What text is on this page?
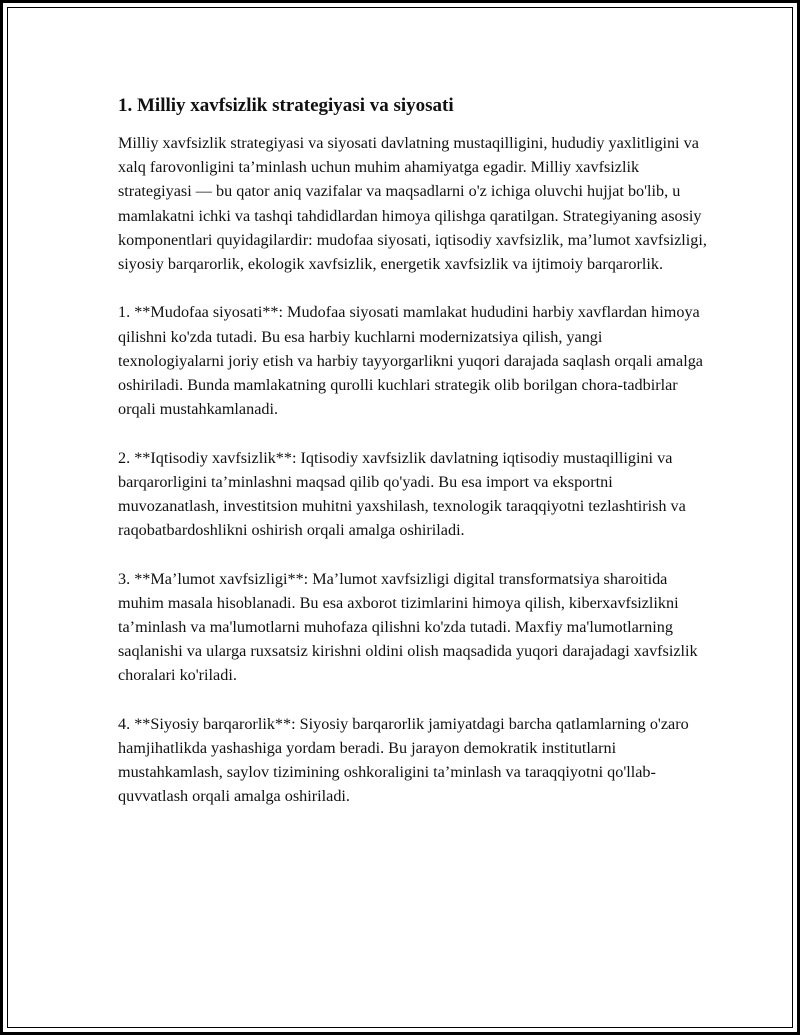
1. Milliy xavfsizlik strategiyasi va siyosati

Milliy xavfsizlik strategiyasi va siyosati davlatning mustaqilligini, hududiy yaxlitligini va xalq farovonligini ta’minlash uchun muhim ahamiyatga egadir. Milliy xavfsizlik strategiyasi — bu qator aniq vazifalar va maqsadlarni o'z ichiga oluvchi hujjat bo'lib, u mamlakatni ichki va tashqi tahdidlardan himoya qilishga qaratilgan. Strategiyaning asosiy komponentlari quyidagilardir: mudofaa siyosati, iqtisodiy xavfsizlik, ma’lumot xavfsizligi, siyosiy barqarorlik, ekologik xavfsizlik, energetik xavfsizlik va ijtimoiy barqarorlik.

1. **Mudofaa siyosati**: Mudofaa siyosati mamlakat hududini harbiy xavflardan himoya qilishni ko'zda tutadi. Bu esa harbiy kuchlarni modernizatsiya qilish, yangi texnologiyalarni joriy etish va harbiy tayyorgarlikni yuqori darajada saqlash orqali amalga oshiriladi. Bunda mamlakatning qurolli kuchlari strategik olib borilgan chora-tadbirlar orqali mustahkamlanadi.

2. **Iqtisodiy xavfsizlik**: Iqtisodiy xavfsizlik davlatning iqtisodiy mustaqilligini va barqarorligini ta’minlashni maqsad qilib qo'yadi. Bu esa import va eksportni muvozanatlash, investitsion muhitni yaxshilash, texnologik taraqqiyotni tezlashtirish va raqobatbardoshlikni oshirish orqali amalga oshiriladi.

3. **Ma’lumot xavfsizligi**: Ma’lumot xavfsizligi digital transformatsiya sharoitida muhim masala hisoblanadi. Bu esa axborot tizimlarini himoya qilish, kiberxavfsizlikni ta’minlash va ma'lumotlarni muhofaza qilishni ko'zda tutadi. Maxfiy ma'lumotlarning saqlanishi va ularga ruxsatsiz kirishni oldini olish maqsadida yuqori darajadagi xavfsizlik choralari ko'riladi.

4. **Siyosiy barqarorlik**: Siyosiy barqarorlik jamiyatdagi barcha qatlamlarning o'zaro hamjihatlikda yashashiga yordam beradi. Bu jarayon demokratik institutlarni mustahkamlash, saylov tizimining oshkoraligini ta’minlash va taraqqiyotni qo'llab-quvvatlash orqali amalga oshiriladi.
